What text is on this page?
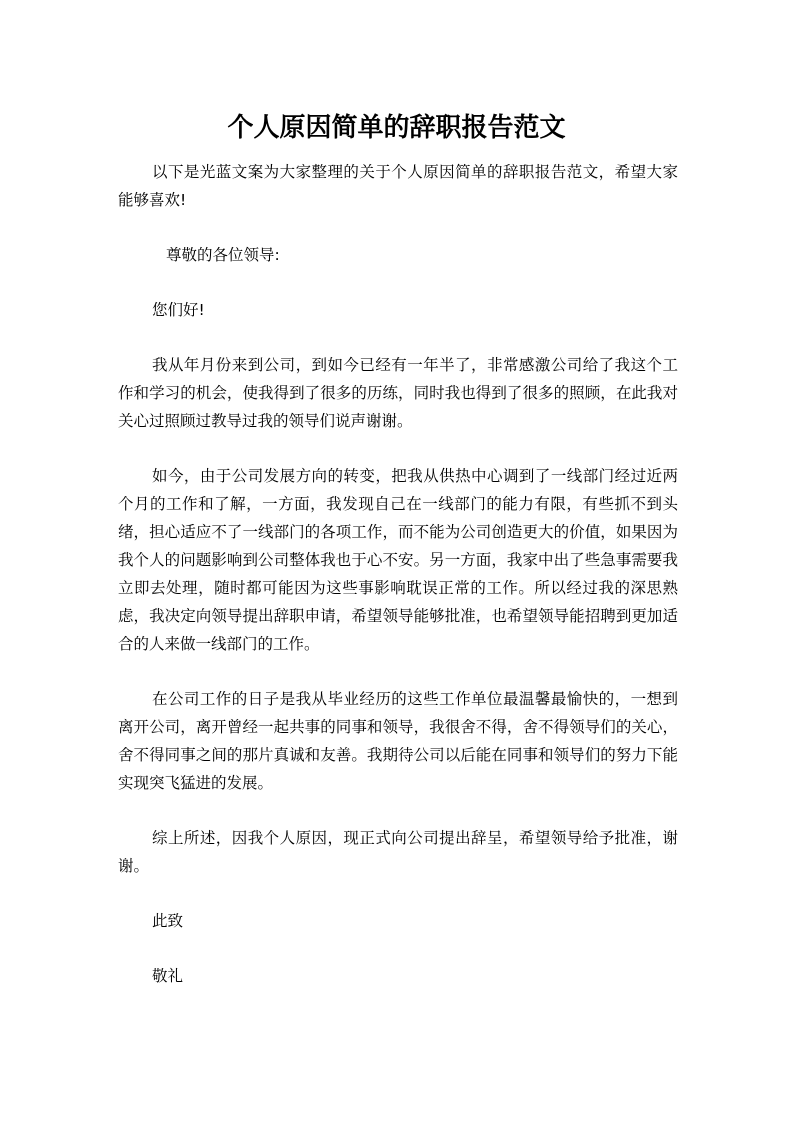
个人原因简单的辞职报告范文

以下是光蓝文案为大家整理的关于个人原因简单的辞职报告范文，希望大家能够喜欢!

尊敬的各位领导:

您们好!

我从年月份来到公司，到如今已经有一年半了，非常感激公司给了我这个工作和学习的机会，使我得到了很多的历练，同时我也得到了很多的照顾，在此我对关心过照顾过教导过我的领导们说声谢谢。

如今，由于公司发展方向的转变，把我从供热中心调到了一线部门经过近两个月的工作和了解，一方面，我发现自己在一线部门的能力有限，有些抓不到头绪，担心适应不了一线部门的各项工作，而不能为公司创造更大的价值，如果因为我个人的问题影响到公司整体我也于心不安。另一方面，我家中出了些急事需要我立即去处理，随时都可能因为这些事影响耽误正常的工作。所以经过我的深思熟虑，我决定向领导提出辞职申请，希望领导能够批准，也希望领导能招聘到更加适合的人来做一线部门的工作。

在公司工作的日子是我从毕业经历的这些工作单位最温馨最愉快的，一想到离开公司，离开曾经一起共事的同事和领导，我很舍不得，舍不得领导们的关心，舍不得同事之间的那片真诚和友善。我期待公司以后能在同事和领导们的努力下能实现突飞猛进的发展。

综上所述，因我个人原因，现正式向公司提出辞呈，希望领导给予批准，谢谢。

此致

敬礼
